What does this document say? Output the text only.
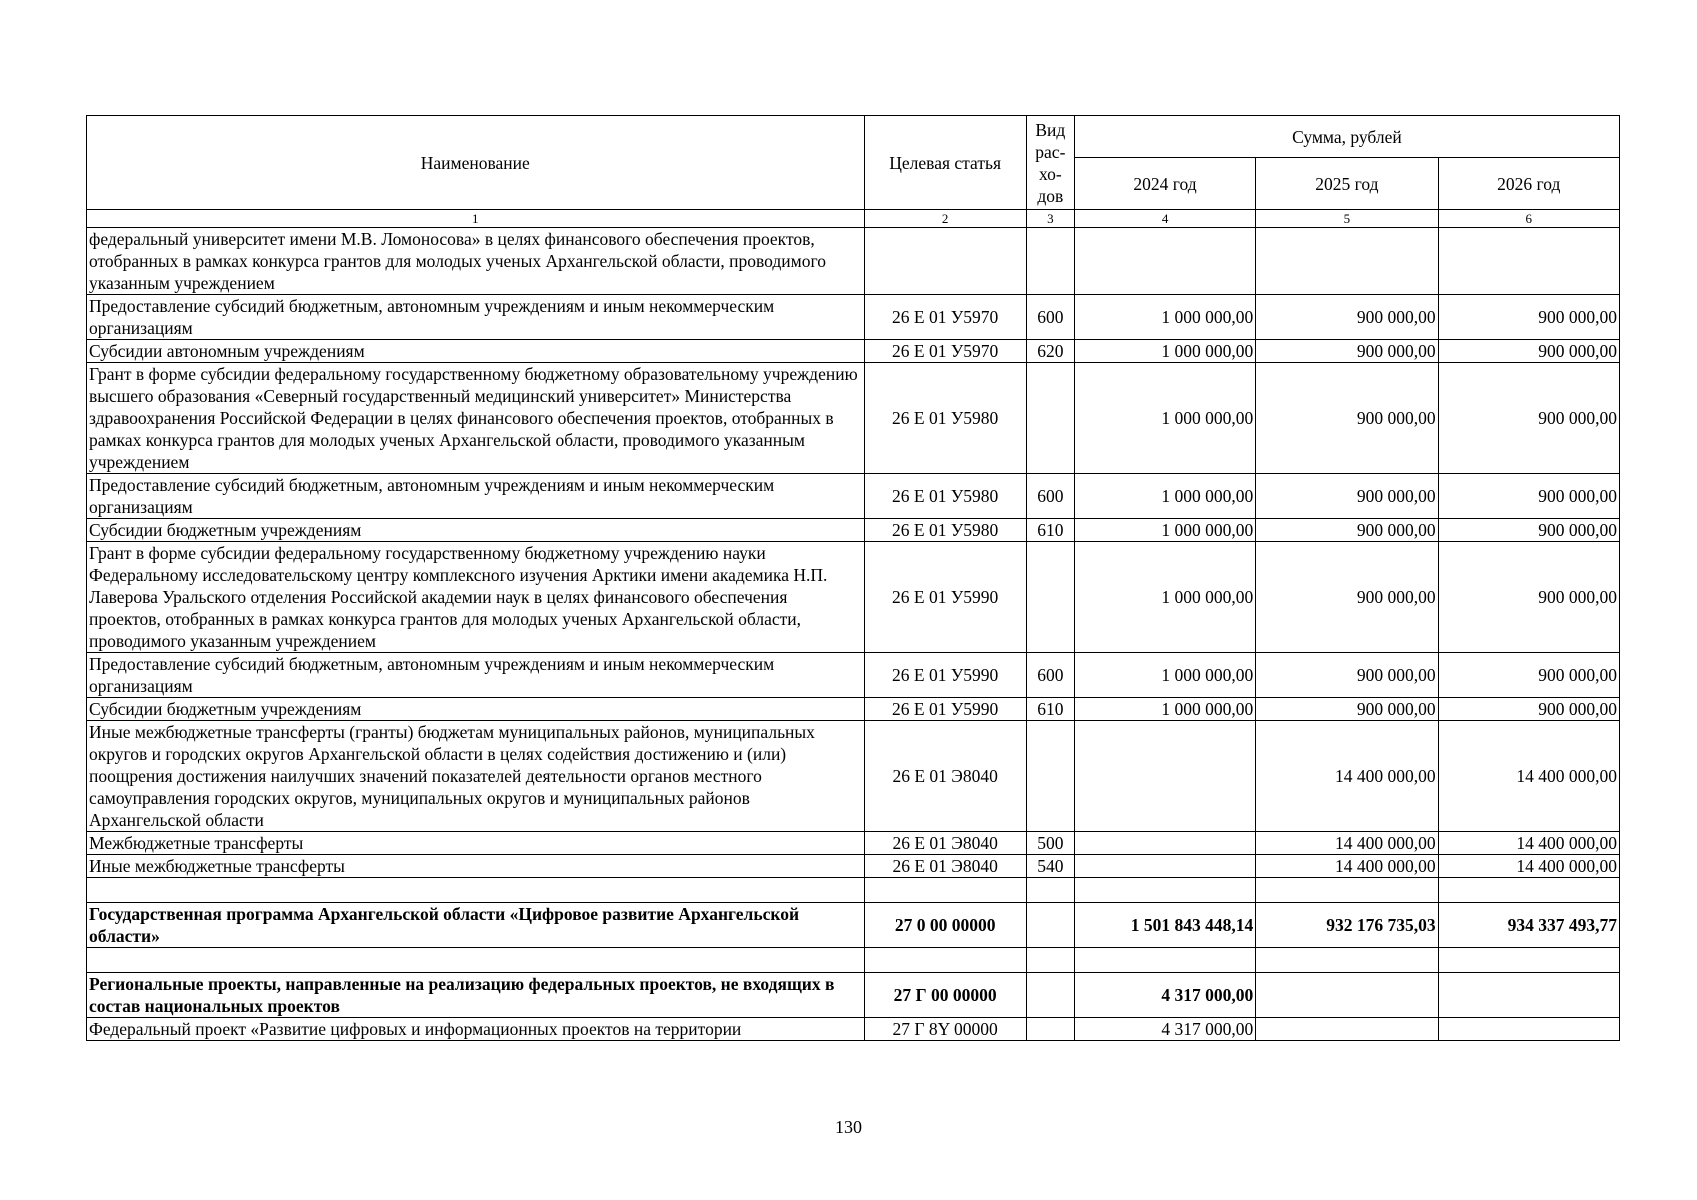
Наименование	Целевая статья	Вид рас-хо-дов	Сумма, рублей		
			2024 год	2025 год	2026 год
1	2	3	4	5	6
федеральный университет имени М.В. Ломоносова» в целях финансового обеспечения проектов, отобранных в рамках конкурса грантов для молодых ученых Архангельской области, проводимого указанным учреждением					
Предоставление субсидий бюджетным, автономным учреждениям и иным некоммерческим организациям	26 Е 01 У5970	600	1 000 000,00	900 000,00	900 000,00
Субсидии автономным учреждениям	26 Е 01 У5970	620	1 000 000,00	900 000,00	900 000,00
Грант в форме субсидии федеральному государственному бюджетному образовательному учреждению высшего образования «Северный государственный медицинский университет» Министерства здравоохранения Российской Федерации в целях финансового обеспечения проектов, отобранных в рамках конкурса грантов для молодых ученых Архангельской области, проводимого указанным учреждением	26 Е 01 У5980		1 000 000,00	900 000,00	900 000,00
Предоставление субсидий бюджетным, автономным учреждениям и иным некоммерческим организациям	26 Е 01 У5980	600	1 000 000,00	900 000,00	900 000,00
Субсидии бюджетным учреждениям	26 Е 01 У5980	610	1 000 000,00	900 000,00	900 000,00
Грант в форме субсидии федеральному государственному бюджетному учреждению науки Федеральному исследовательскому центру комплексного изучения Арктики имени академика Н.П. Лаверова Уральского отделения Российской академии наук в целях финансового обеспечения проектов, отобранных в рамках конкурса грантов для молодых ученых Архангельской области, проводимого указанным учреждением	26 Е 01 У5990		1 000 000,00	900 000,00	900 000,00
Предоставление субсидий бюджетным, автономным учреждениям и иным некоммерческим организациям	26 Е 01 У5990	600	1 000 000,00	900 000,00	900 000,00
Субсидии бюджетным учреждениям	26 Е 01 У5990	610	1 000 000,00	900 000,00	900 000,00
Иные межбюджетные трансферты (гранты) бюджетам муниципальных районов, муниципальных округов и городских округов Архангельской области в целях содействия достижению и (или) поощрения достижения наилучших значений показателей деятельности органов местного самоуправления городских округов, муниципальных округов и муниципальных районов Архангельской области	26 Е 01 Э8040			14 400 000,00	14 400 000,00
Межбюджетные трансферты	26 Е 01 Э8040	500		14 400 000,00	14 400 000,00
Иные межбюджетные трансферты	26 Е 01 Э8040	540		14 400 000,00	14 400 000,00

Государственная программа Архангельской области «Цифровое развитие Архангельской области»	27 0 00 00000		1 501 843 448,14	932 176 735,03	934 337 493,77

Региональные проекты, направленные на реализацию федеральных проектов, не входящих в состав национальных проектов	27 Г 00 00000		4 317 000,00		
Федеральный проект «Развитие цифровых и информационных проектов на территории	27 Г 8Y 00000		4 317 000,00		
130
